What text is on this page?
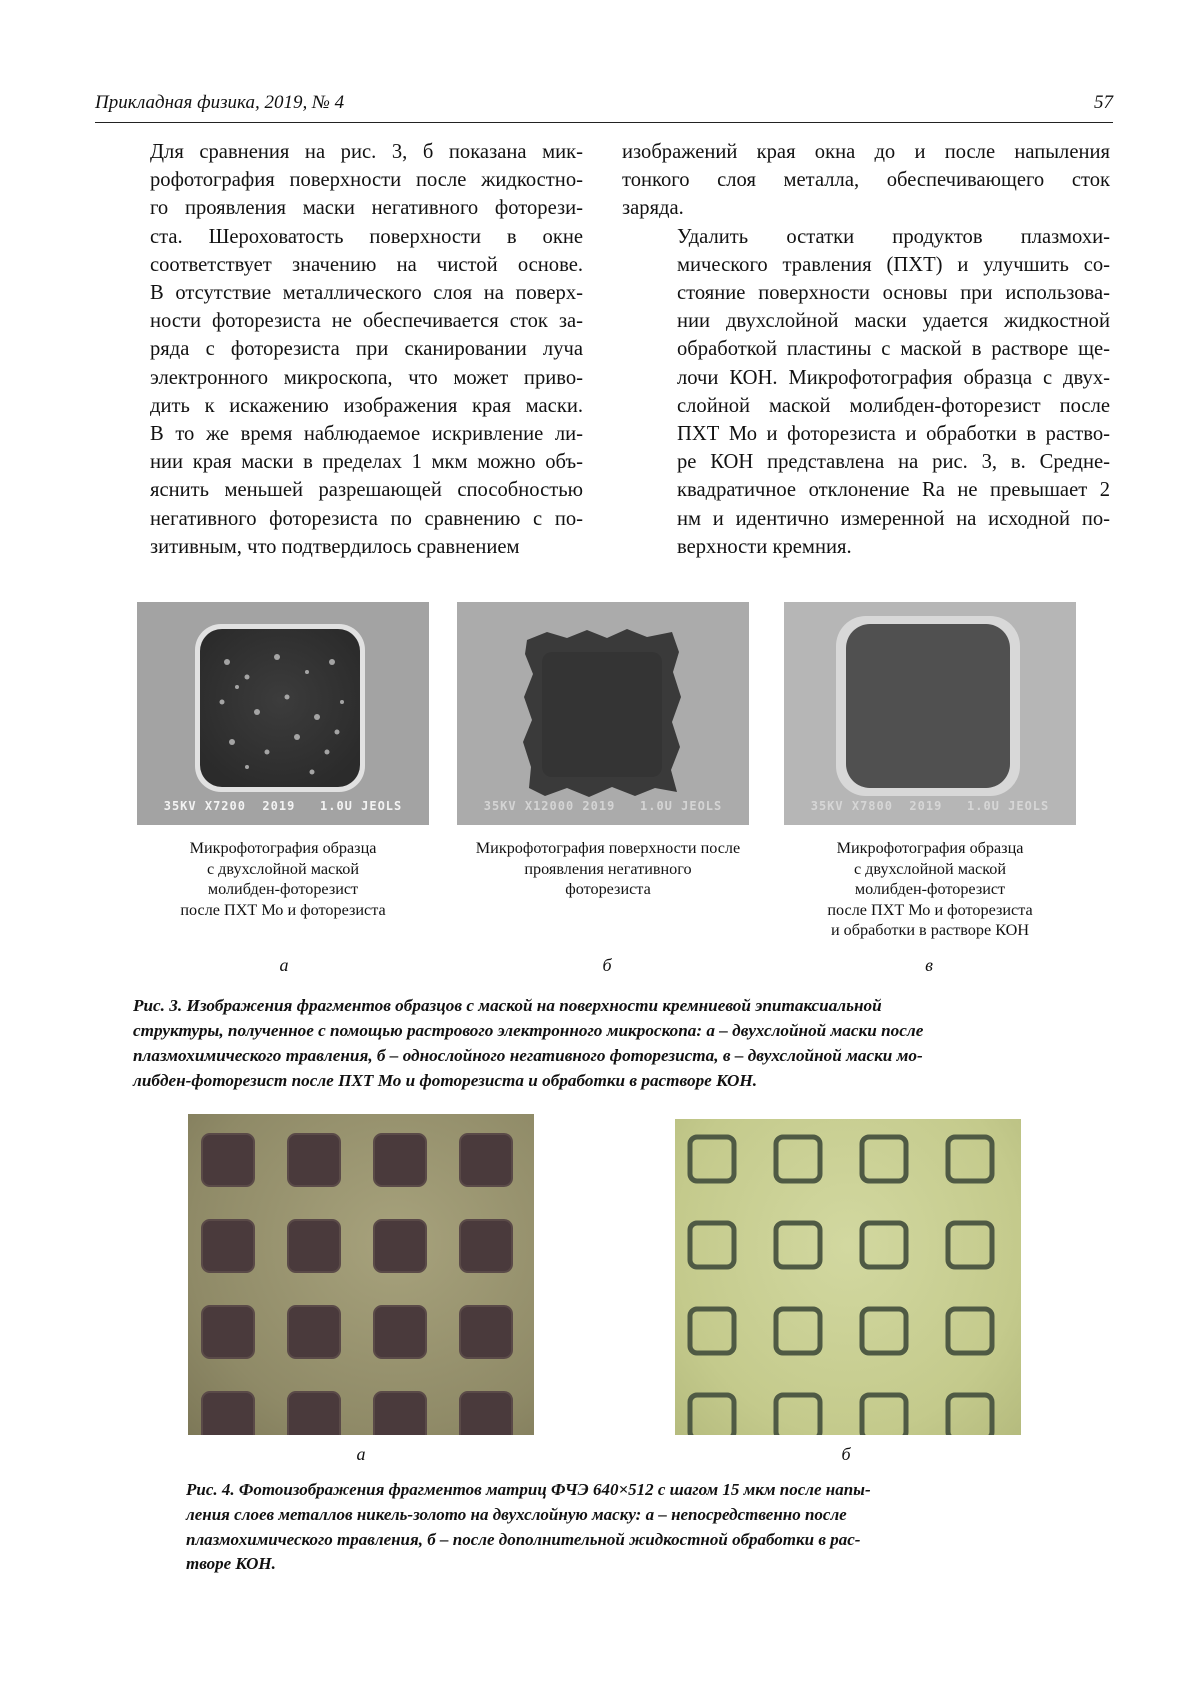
Прикладная физика, 2019, № 4	57

Для сравнения на рис. 3, б показана мик-
рофотография поверхности после жидкостно-
го проявления маски негативного фоторези-
ста. Шероховатость поверхности в окне
соответствует значению на чистой основе.
В отсутствие металлического слоя на поверх-
ности фоторезиста не обеспечивается сток за-
ряда с фоторезиста при сканировании луча
электронного микроскопа, что может приво-
дить к искажению изображения края маски.
В то же время наблюдаемое искривление ли-
нии края маски в пределах 1 мкм можно объ-
яснить меньшей разрешающей способностью
негативного фоторезиста по сравнению с по-
зитивным, что подтвердилось сравнением

изображений края окна до и после напыления
тонкого слоя металла, обеспечивающего сток
заряда.

Удалить остатки продуктов плазмохи-
мического травления (ПХТ) и улучшить со-
стояние поверхности основы при использова-
нии двухслойной маски удается жидкостной
обработкой пластины с маской в растворе ще-
лочи КОН. Микрофотография образца с двух-
слойной маской молибден-фоторезист после
ПХТ Мо и фоторезиста и обработки в раство-
ре КОН представлена на рис. 3, в. Средне-
квадратичное отклонение Ra не превышает 2
нм и идентично измеренной на исходной по-
верхности кремния.

35KV X7200  2019   1.0U JEOLS	35KV X12000 2019   1.0U JEOLS	35KV X7800  2019   1.0U JEOLS
Микрофотография образца
с двухслойной маской
молибден-фоторезист
после ПХТ Мо и фоторезиста
Микрофотография поверхности после
проявления негативного
фоторезиста
Микрофотография образца
с двухслойной маской
молибден-фоторезист
после ПХТ Мо и фоторезиста
и обработки в растворе КОН
а	б	в
Рис. 3. Изображения фрагментов образцов с маской на поверхности кремниевой эпитаксиальной
структуры, полученное с помощью растрового электронного микроскопа: а – двухслойной маски после
плазмохимического травления, б – однослойного негативного фоторезиста, в – двухслойной маски мо-
либден-фоторезист после ПХТ Мо и фоторезиста и обработки в растворе КОН.
а	б
Рис. 4. Фотоизображения фрагментов матриц ФЧЭ 640×512 с шагом 15 мкм после напы-
ления слоев металлов никель-золото на двухслойную маску: а – непосредственно после
плазмохимического травления, б – после дополнительной жидкостной обработки в рас-
творе КОН.
